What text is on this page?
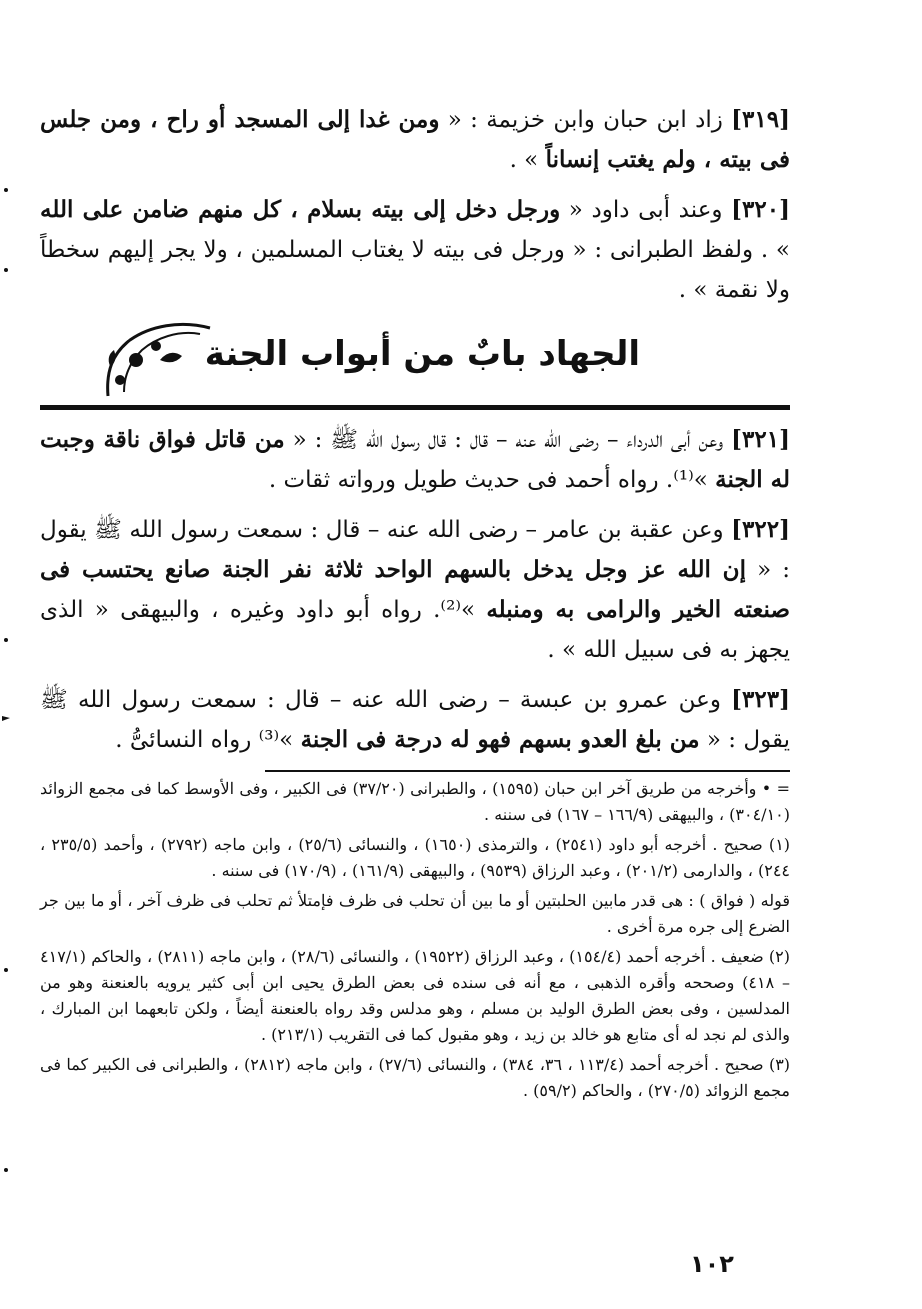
[٣١٩] زاد ابن حبان وابن خزيمة : « ومن غدا إلى المسجد أو راح ، ومن جلس فى بيته ، ولم يغتب إنساناً » .

[٣٢٠] وعند أبى داود « ورجل دخل إلى بيته بسلام ، كل منهم ضامن على الله » . ولفظ الطبرانى : « ورجل فى بيته لا يغتاب المسلمين ، ولا يجر إليهم سخطاً ولا نقمة » .

الجهاد بابٌ من أبواب الجنة

[٣٢١] وعن أبى الدرداء – رضى الله عنه – قال : قال رسول الله ﷺ : « من قاتل فواق ناقة وجبت له الجنة »⁽¹⁾. رواه أحمد فى حديث طويل ورواته ثقات .

[٣٢٢] وعن عقبة بن عامر – رضى الله عنه – قال : سمعت رسول الله ﷺ يقول : « إن الله عز وجل يدخل بالسهم الواحد ثلاثة نفر الجنة صانع يحتسب فى صنعته الخير والرامى به ومنبله »⁽²⁾. رواه أبو داود وغيره ، والبيهقى « الذى يجهز به فى سبيل الله » .

[٣٢٣] وعن عمرو بن عبسة – رضى الله عنه – قال : سمعت رسول الله ﷺ يقول : « من بلغ العدو بسهم فهو له درجة فى الجنة »⁽³⁾ رواه النسائىُّ .

= • وأخرجه من طريق آخر ابن حبان (١٥٩٥) ، والطبرانى (٣٧/٢٠) فى الكبير ، وفى الأوسط كما فى مجمع الزوائد (٣٠٤/١٠) ، والبيهقى (١٦٦/٩ – ١٦٧) فى سننه .

(١) صحيح . أخرجه أبو داود (٢٥٤١) ، والترمذى (١٦٥٠) ، والنسائى (٢٥/٦) ، وابن ماجه (٢٧٩٢) ، وأحمد (٢٣٥/٥ ، ٢٤٤) ، والدارمى (٢٠١/٢) ، وعبد الرزاق (٩٥٣٩) ، والبيهقى (١٦١/٩) ، (١٧٠/٩) فى سننه .

قوله ( فواق ) : هى قدر مابين الحلبتين أو ما بين أن تحلب فى ظرف فإمتلأ ثم تحلب فى ظرف آخر ، أو ما بين جر الضرع إلى جره مرة أخرى .

(٢) ضعيف . أخرجه أحمد (١٥٤/٤) ، وعبد الرزاق (١٩٥٢٢) ، والنسائى (٢٨/٦) ، وابن ماجه (٢٨١١) ، والحاكم (٤١٧/١ – ٤١٨) وصححه وأقره الذهبى ، مع أنه فى سنده فى بعض الطرق يحيى ابن أبى كثير يرويه بالعنعنة وهو من المدلسين ، وفى بعض الطرق الوليد بن مسلم ، وهو مدلس وقد رواه بالعنعنة أيضاً ، ولكن تابعهما ابن المبارك ، والذى لم نجد له أى متابع هو خالد بن زيد ، وهو مقبول كما فى التقريب (٢١٣/١) .

(٣) صحيح . أخرجه أحمد (١١٣/٤ ، ٣٦، ٣٨٤) ، والنسائى (٢٧/٦) ، وابن ماجه (٢٨١٢) ، والطبرانى فى الكبير كما فى مجمع الزوائد (٢٧٠/٥) ، والحاكم (٥٩/٢) .

١٠٢
